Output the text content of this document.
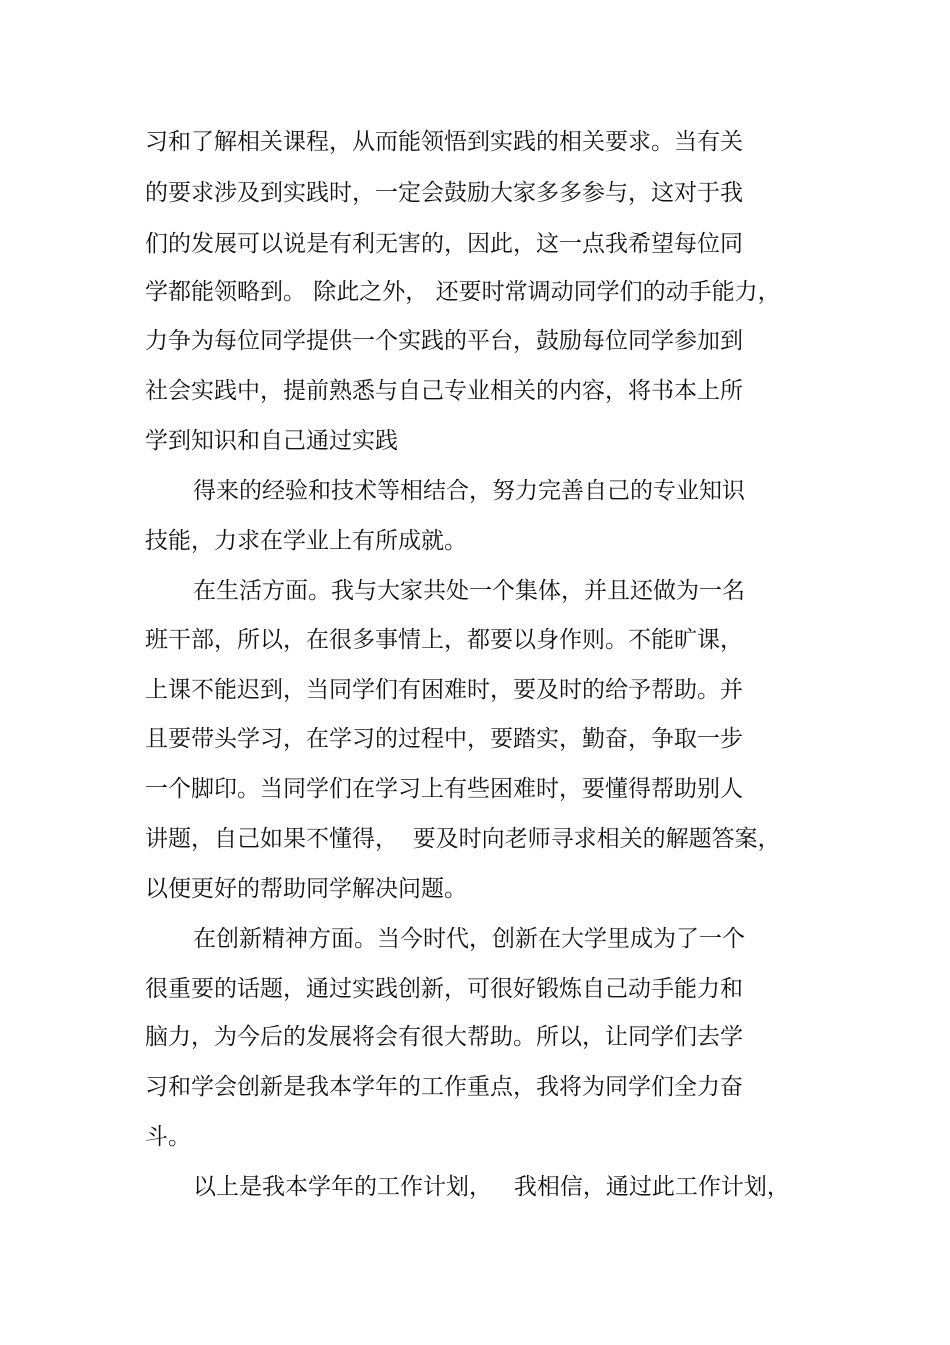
习和了解相关课程，从而能领悟到实践的相关要求。当有关
的要求涉及到实践时，一定会鼓励大家多多参与，这对于我
们的发展可以说是有利无害的，因此，这一点我希望每位同
学都能领略到。 除此之外， 还要时常调动同学们的动手能力，
力争为每位同学提供一个实践的平台，鼓励每位同学参加到
社会实践中，提前熟悉与自己专业相关的内容，将书本上所
学到知识和自己通过实践
得来的经验和技术等相结合，努力完善自己的专业知识
技能，力求在学业上有所成就。
在生活方面。我与大家共处一个集体，并且还做为一名
班干部，所以，在很多事情上，都要以身作则。不能旷课，
上课不能迟到，当同学们有困难时，要及时的给予帮助。并
且要带头学习，在学习的过程中，要踏实，勤奋，争取一步
一个脚印。当同学们在学习上有些困难时，要懂得帮助别人
讲题，自己如果不懂得，  要及时向老师寻求相关的解题答案，
以便更好的帮助同学解决问题。
在创新精神方面。当今时代，创新在大学里成为了一个
很重要的话题，通过实践创新，可很好锻炼自己动手能力和
脑力，为今后的发展将会有很大帮助。所以，让同学们去学
习和学会创新是我本学年的工作重点，我将为同学们全力奋
斗。
以上是我本学年的工作计划，   我相信，通过此工作计划，
